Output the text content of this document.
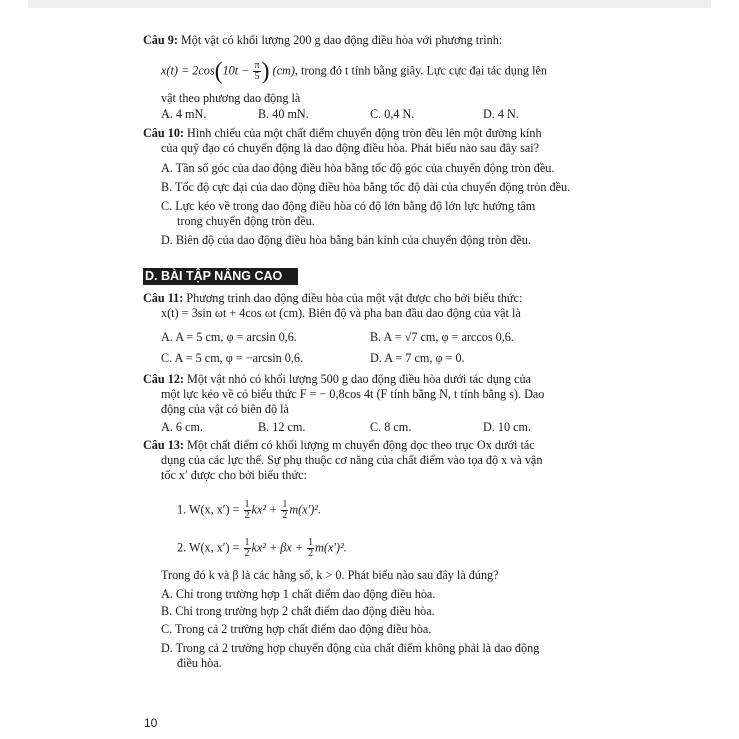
Câu 9: Một vật có khối lượng 200 g dao động điều hòa với phương trình:
$x(t) = 2\cos(10t - \frac{\pi}{5}$ ) (cm), trong đó t tính bằng giây. Lực cực đại tác dụng lên
vật theo phương dao động là
A. 4 mN.	B. 40 mN.	C. 0,4 N.	D. 4 N.
Câu 10: Hình chiếu của một chất điểm chuyển động tròn đều lên một đường kính
của quỹ đạo có chuyển động là dao động điều hòa. Phát biểu nào sau đây sai?
A. Tần số góc của dao động điều hòa bằng tốc độ góc của chuyển động tròn đều.
B. Tốc độ cực đại của dao động điều hòa bằng tốc độ dài của chuyển động tròn đều.
C. Lực kéo về trong dao động điều hòa có độ lớn bằng độ lớn lực hướng tâm
trong chuyển động tròn đều.
D. Biên độ của dao động điều hòa bằng bán kính của chuyển động tròn đều.
D. BÀI TẬP NÂNG CAO
Câu 11: Phương trình dao động điều hòa của một vật được cho bởi biểu thức:
x(t) = 3sin ωt + 4cos ωt (cm). Biên độ và pha ban đầu dao động của vật là
A. A = 5 cm, φ = arcsin 0,6.	B. A = √7 cm, φ = arccos 0,6.
C. A = 5 cm, φ = −arcsin 0,6.	D. A = 7 cm, φ = 0.
Câu 12: Một vật nhỏ có khối lượng 500 g dao động điều hòa dưới tác dụng của
một lực kéo về có biểu thức F = − 0,8cos 4t (F tính bằng N, t tính bằng s). Dao
động của vật có biên độ là
A. 6 cm.	B. 12 cm.	C. 8 cm.	D. 10 cm.
Câu 13: Một chất điểm có khối lượng m chuyển động dọc theo trục Ox dưới tác
dụng của các lực thế. Sự phụ thuộc cơ năng của chất điểm vào tọa độ x và vận
tốc x′ được cho bởi biểu thức:
1. W(x, $x') = \frac{1}{2} kx^2 + \frac{1}{2} m(x')^2$.
2. W(x, $x') = \frac{1}{2} kx^2 + \beta x + \frac{1}{2} m(x')^2$.
Trong đó k và β là các hằng số, k > 0. Phát biểu nào sau đây là đúng?
A. Chỉ trong trường hợp 1 chất điểm dao động điều hòa.
B. Chỉ trong trường hợp 2 chất điểm dao động điều hòa.
C. Trong cả 2 trường hợp chất điểm dao động điều hòa.
D. Trong cả 2 trường hợp chuyển động của chất điểm không phải là dao động
điều hòa.
10
